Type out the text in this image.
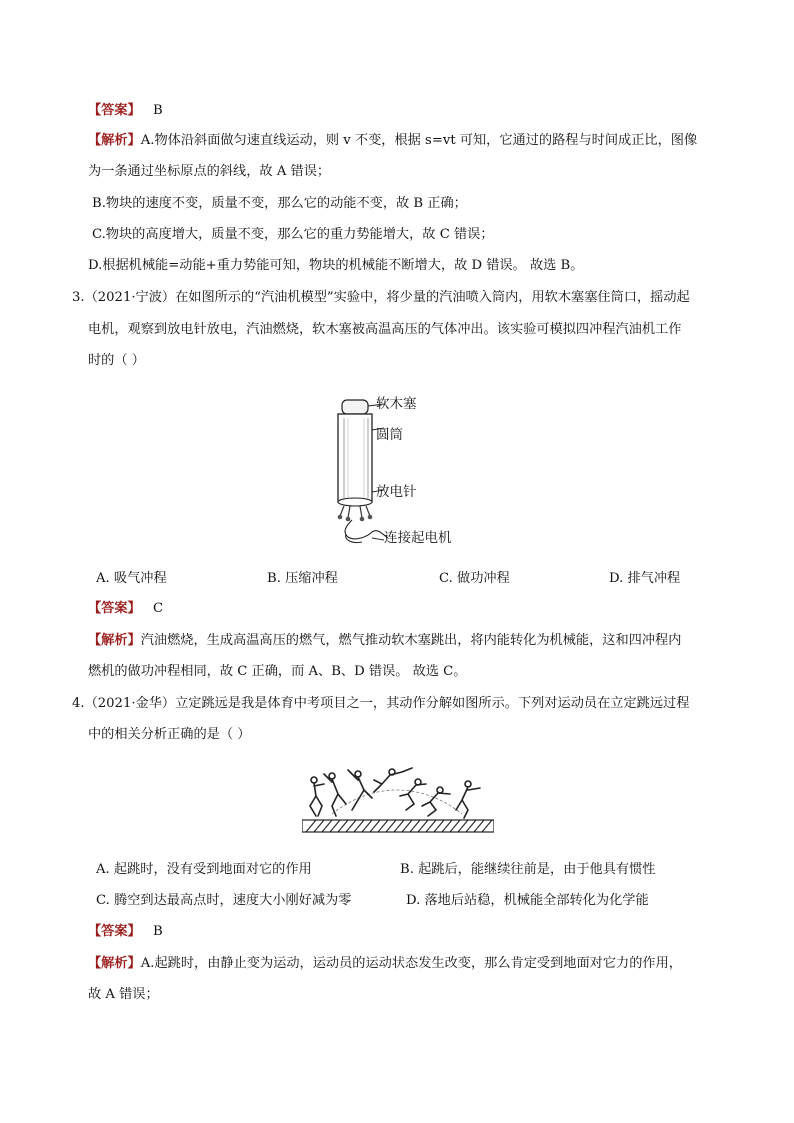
【答案】 B
【解析】A.物体沿斜面做匀速直线运动，则 v 不变，根据 s=vt 可知，它通过的路程与时间成正比，图像
为一条通过坐标原点的斜线，故 A 错误；
B.物块的速度不变，质量不变，那么它的动能不变，故 B 正确；
C.物块的高度增大，质量不变，那么它的重力势能增大，故 C 错误；
D.根据机械能=动能+重力势能可知，物块的机械能不断增大，故 D 错误。 故选 B。
3.（2021·宁波）在如图所示的“汽油机模型”实验中，将少量的汽油喷入筒内，用软木塞塞住筒口，摇动起
电机，观察到放电针放电，汽油燃烧，软木塞被高温高压的气体冲出。该实验可模拟四冲程汽油机工作
时的（ ）
软木塞
圆筒
放电针
连接起电机
A. 吸气冲程	B. 压缩冲程	C. 做功冲程	D. 排气冲程
【答案】 C
【解析】汽油燃烧，生成高温高压的燃气，燃气推动软木塞跳出，将内能转化为机械能，这和四冲程内
燃机的做功冲程相同，故 C 正确，而 A、B、D 错误。 故选 C。
4.（2021·金华）立定跳远是我是体育中考项目之一，其动作分解如图所示。下列对运动员在立定跳远过程
中的相关分析正确的是（ ）
A. 起跳时，没有受到地面对它的作用	B. 起跳后，能继续往前是，由于他具有惯性
C. 腾空到达最高点时，速度大小刚好减为零	D. 落地后站稳，机械能全部转化为化学能
【答案】 B
【解析】A.起跳时，由静止变为运动，运动员的运动状态发生改变，那么肯定受到地面对它力的作用，
故 A 错误；
